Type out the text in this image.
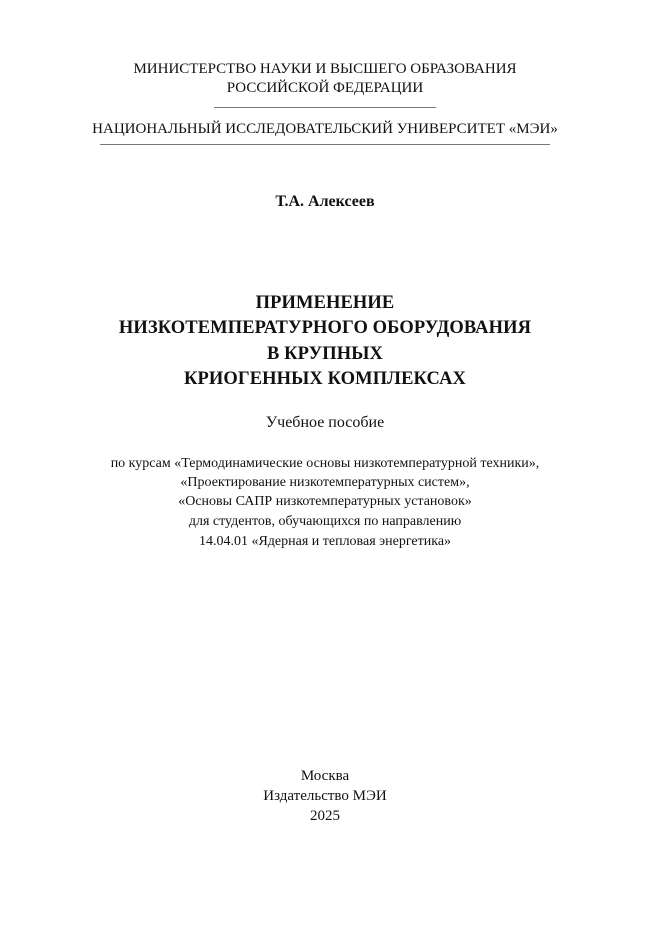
МИНИСТЕРСТВО НАУКИ И ВЫСШЕГО ОБРАЗОВАНИЯ
РОССИЙСКОЙ ФЕДЕРАЦИИ
НАЦИОНАЛЬНЫЙ ИССЛЕДОВАТЕЛЬСКИЙ УНИВЕРСИТЕТ «МЭИ»
Т.А. Алексеев
ПРИМЕНЕНИЕ
НИЗКОТЕМПЕРАТУРНОГО ОБОРУДОВАНИЯ
В КРУПНЫХ
КРИОГЕННЫХ КОМПЛЕКСАХ
Учебное пособие
по курсам «Термодинамические основы низкотемпературной техники»,
«Проектирование низкотемпературных систем»,
«Основы САПР низкотемпературных установок»
для студентов, обучающихся по направлению
14.04.01 «Ядерная и тепловая энергетика»
Москва
Издательство МЭИ
2025
